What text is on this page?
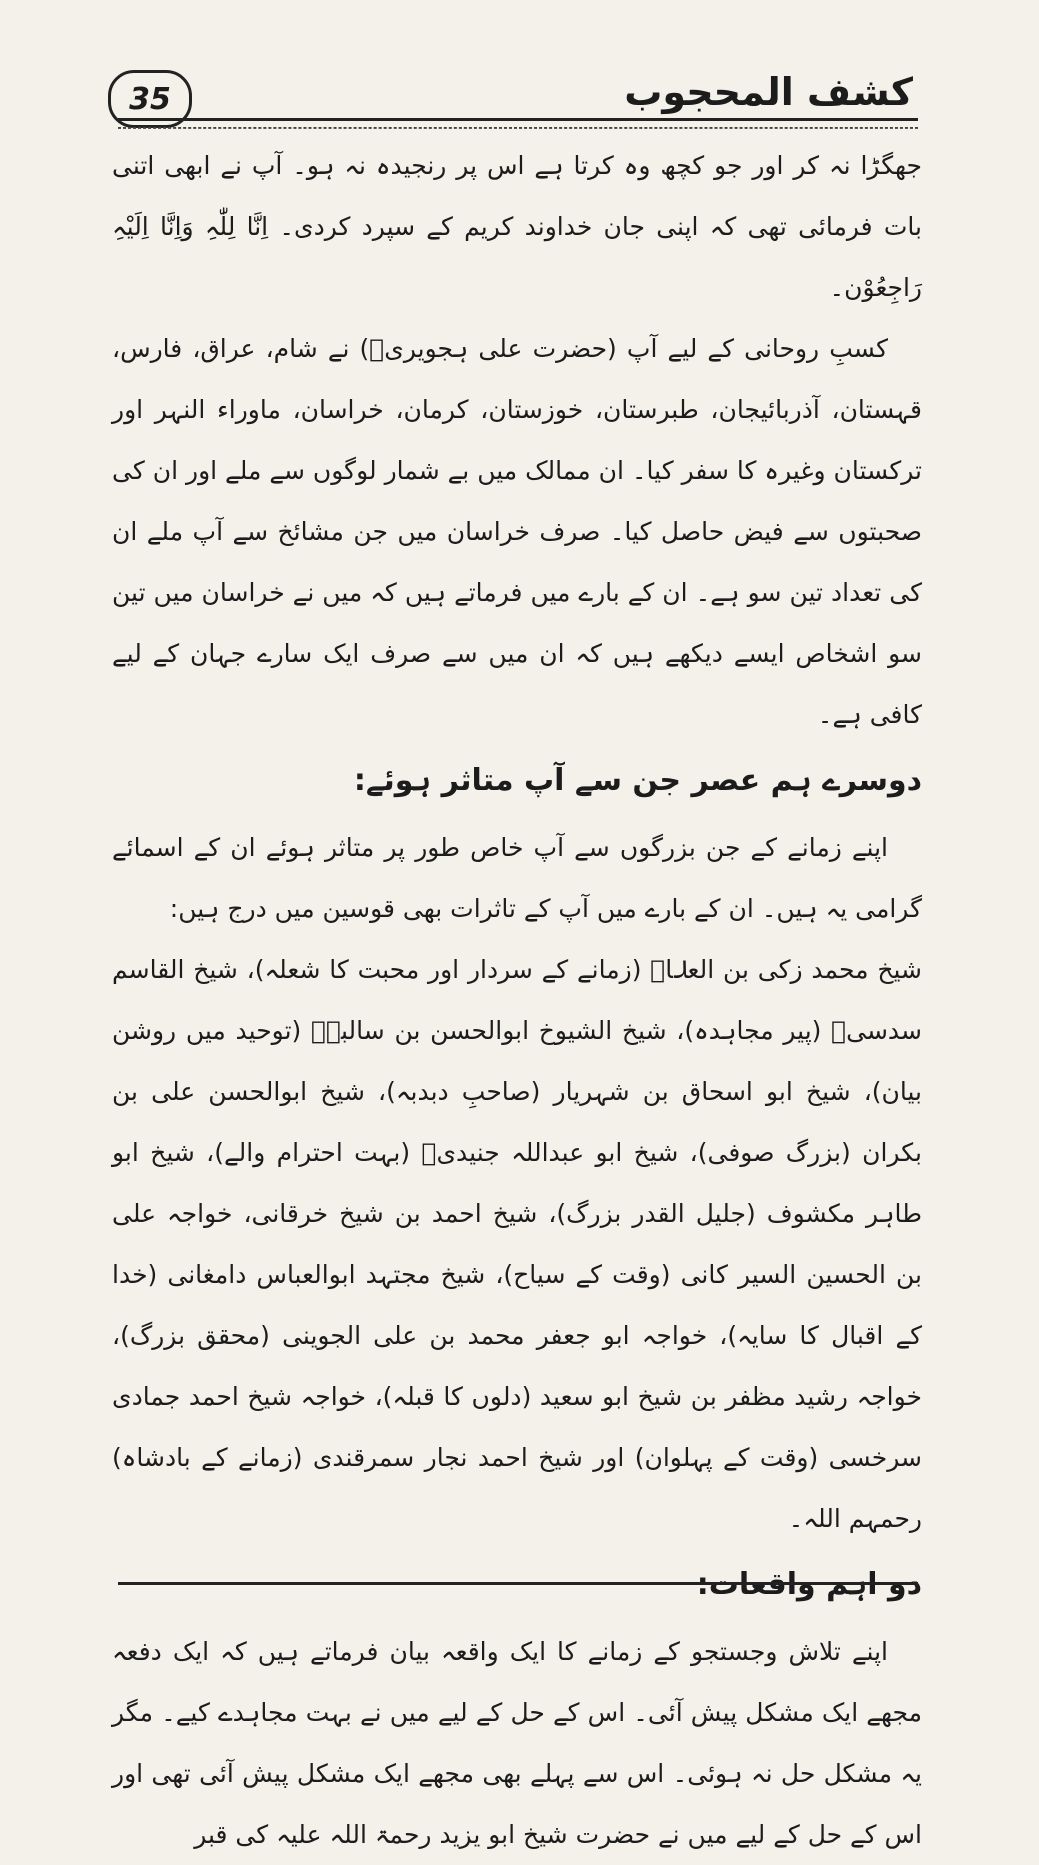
35	کشف المحجوب

جھگڑا نہ کر اور جو کچھ وہ کرتا ہے اس پر رنجیدہ نہ ہو۔ آپ نے ابھی اتنی بات فرمائی تھی کہ اپنی جان خداوند کریم کے سپرد کردی۔ اِنَّا لِلّٰہِ وَاِنَّا اِلَیْہِ رَاجِعُوْن۔

کسبِ روحانی کے لیے آپ (حضرت علی ہجویریؒ) نے شام، عراق، فارس، قہستان، آذربائیجان، طبرستان، خوزستان، کرمان، خراسان، ماوراء النہر اور ترکستان وغیرہ کا سفر کیا۔ ان ممالک میں بے شمار لوگوں سے ملے اور ان کی صحبتوں سے فیض حاصل کیا۔ صرف خراسان میں جن مشائخ سے آپ ملے ان کی تعداد تین سو ہے۔ ان کے بارے میں فرماتے ہیں کہ میں نے خراسان میں تین سو اشخاص ایسے دیکھے ہیں کہ ان میں سے صرف ایک سارے جہان کے لیے کافی ہے۔

دوسرے ہم عصر جن سے آپ متاثر ہوئے:

اپنے زمانے کے جن بزرگوں سے آپ خاص طور پر متاثر ہوئے ان کے اسمائے گرامی یہ ہیں۔ ان کے بارے میں آپ کے تاثرات بھی قوسین میں درج ہیں:

شیخ محمد زکی بن العلاؒ (زمانے کے سردار اور محبت کا شعلہ)، شیخ القاسم سدسیؒ (پیر مجاہدہ)، شیخ الشیوخ ابوالحسن بن سالبہؒ (توحید میں روشن بیان)، شیخ ابو اسحاق بن شہریار (صاحبِ دبدبہ)، شیخ ابوالحسن علی بن بکران (بزرگ صوفی)، شیخ ابو عبداللہ جنیدیؒ (بہت احترام والے)، شیخ ابو طاہر مکشوف (جلیل القدر بزرگ)، شیخ احمد بن شیخ خرقانی، خواجہ علی بن الحسین السیر کانی (وقت کے سیاح)، شیخ مجتہد ابوالعباس دامغانی (خدا کے اقبال کا سایہ)، خواجہ ابو جعفر محمد بن علی الجوینی (محقق بزرگ)، خواجہ رشید مظفر بن شیخ ابو سعید (دلوں کا قبلہ)، خواجہ شیخ احمد جمادی سرخسی (وقت کے پہلوان) اور شیخ احمد نجار سمرقندی (زمانے کے بادشاہ) رحمہم اللہ۔

دو اہم واقعات:

اپنے تلاش وجستجو کے زمانے کا ایک واقعہ بیان فرماتے ہیں کہ ایک دفعہ مجھے ایک مشکل پیش آئی۔ اس کے حل کے لیے میں نے بہت مجاہدے کیے۔ مگر یہ مشکل حل نہ ہوئی۔ اس سے پہلے بھی مجھے ایک مشکل پیش آئی تھی اور اس کے حل کے لیے میں نے حضرت شیخ ابو یزید رحمۃ اللہ علیہ کی قبر
